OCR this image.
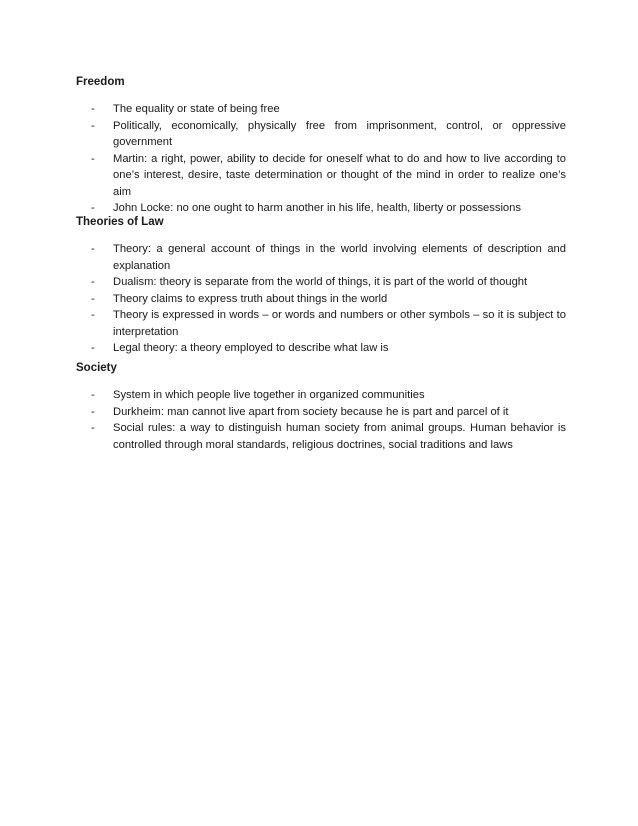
Freedom

- The equality or state of being free
- Politically, economically, physically free from imprisonment, control, or oppressive government
- Martin: a right, power, ability to decide for oneself what to do and how to live according to one’s interest, desire, taste determination or thought of the mind in order to realize one’s aim
- John Locke: no one ought to harm another in his life, health, liberty or possessions

Theories of Law

- Theory: a general account of things in the world involving elements of description and explanation
- Dualism: theory is separate from the world of things, it is part of the world of thought
- Theory claims to express truth about things in the world
- Theory is expressed in words – or words and numbers or other symbols – so it is subject to interpretation
- Legal theory: a theory employed to describe what law is

Society

- System in which people live together in organized communities
- Durkheim: man cannot live apart from society because he is part and parcel of it
- Social rules: a way to distinguish human society from animal groups. Human behavior is controlled through moral standards, religious doctrines, social traditions and laws
